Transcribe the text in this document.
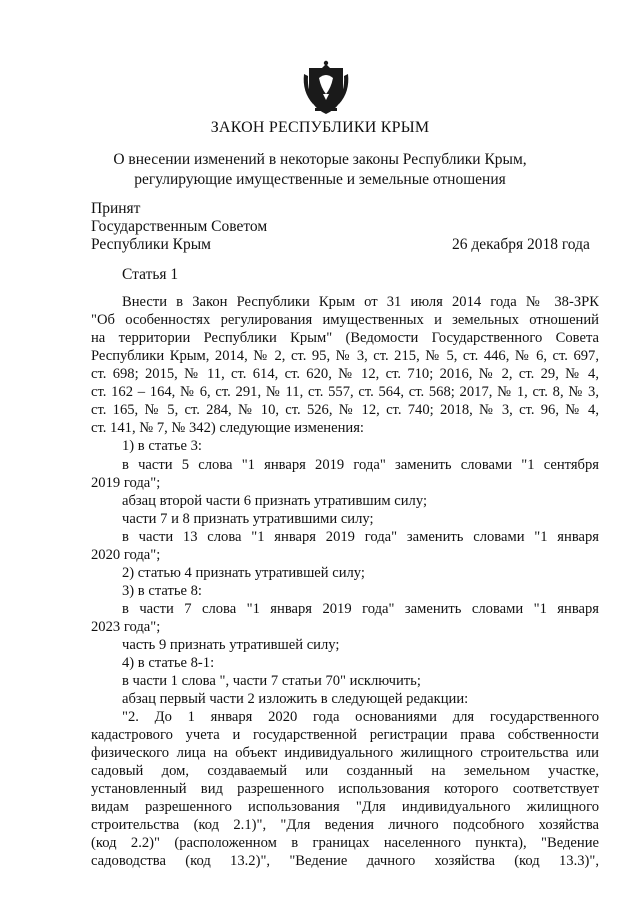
ЗАКОН РЕСПУБЛИКИ КРЫМ
О внесении изменений в некоторые законы Республики Крым,
регулирующие имущественные и земельные отношения
Принят
Государственным Советом
Республики Крым	26 декабря 2018 года
Статья 1
Внести в Закон Республики Крым от 31 июля 2014 года № 38-ЗРК
"Об особенностях регулирования имущественных и земельных отношений
на территории Республики Крым" (Ведомости Государственного Совета
Республики Крым, 2014, № 2, ст. 95, № 3, ст. 215, № 5, ст. 446, № 6, ст. 697,
ст. 698; 2015, № 11, ст. 614, ст. 620, № 12, ст. 710; 2016, № 2, ст. 29, № 4,
ст. 162 – 164, № 6, ст. 291, № 11, ст. 557, ст. 564, ст. 568; 2017, № 1, ст. 8, № 3,
ст. 165, № 5, ст. 284, № 10, ст. 526, № 12, ст. 740; 2018, № 3, ст. 96, № 4,
ст. 141, № 7, № 342) следующие изменения:
1) в статье 3:
в части 5 слова "1 января 2019 года" заменить словами "1 сентября
2019 года";
абзац второй части 6 признать утратившим силу;
части 7 и 8 признать утратившими силу;
в части 13 слова "1 января 2019 года" заменить словами "1 января
2020 года";
2) статью 4 признать утратившей силу;
3) в статье 8:
в части 7 слова "1 января 2019 года" заменить словами "1 января
2023 года";
часть 9 признать утратившей силу;
4) в статье 8-1:
в части 1 слова ", части 7 статьи 70" исключить;
абзац первый части 2 изложить в следующей редакции:
"2. До 1 января 2020 года основаниями для государственного
кадастрового учета и государственной регистрации права собственности
физического лица на объект индивидуального жилищного строительства или
садовый дом, создаваемый или созданный на земельном участке,
установленный вид разрешенного использования которого соответствует
видам разрешенного использования "Для индивидуального жилищного
строительства (код 2.1)", "Для ведения личного подсобного хозяйства
(код 2.2)" (расположенном в границах населенного пункта), "Ведение
садоводства (код 13.2)", "Ведение дачного хозяйства (код 13.3)",
